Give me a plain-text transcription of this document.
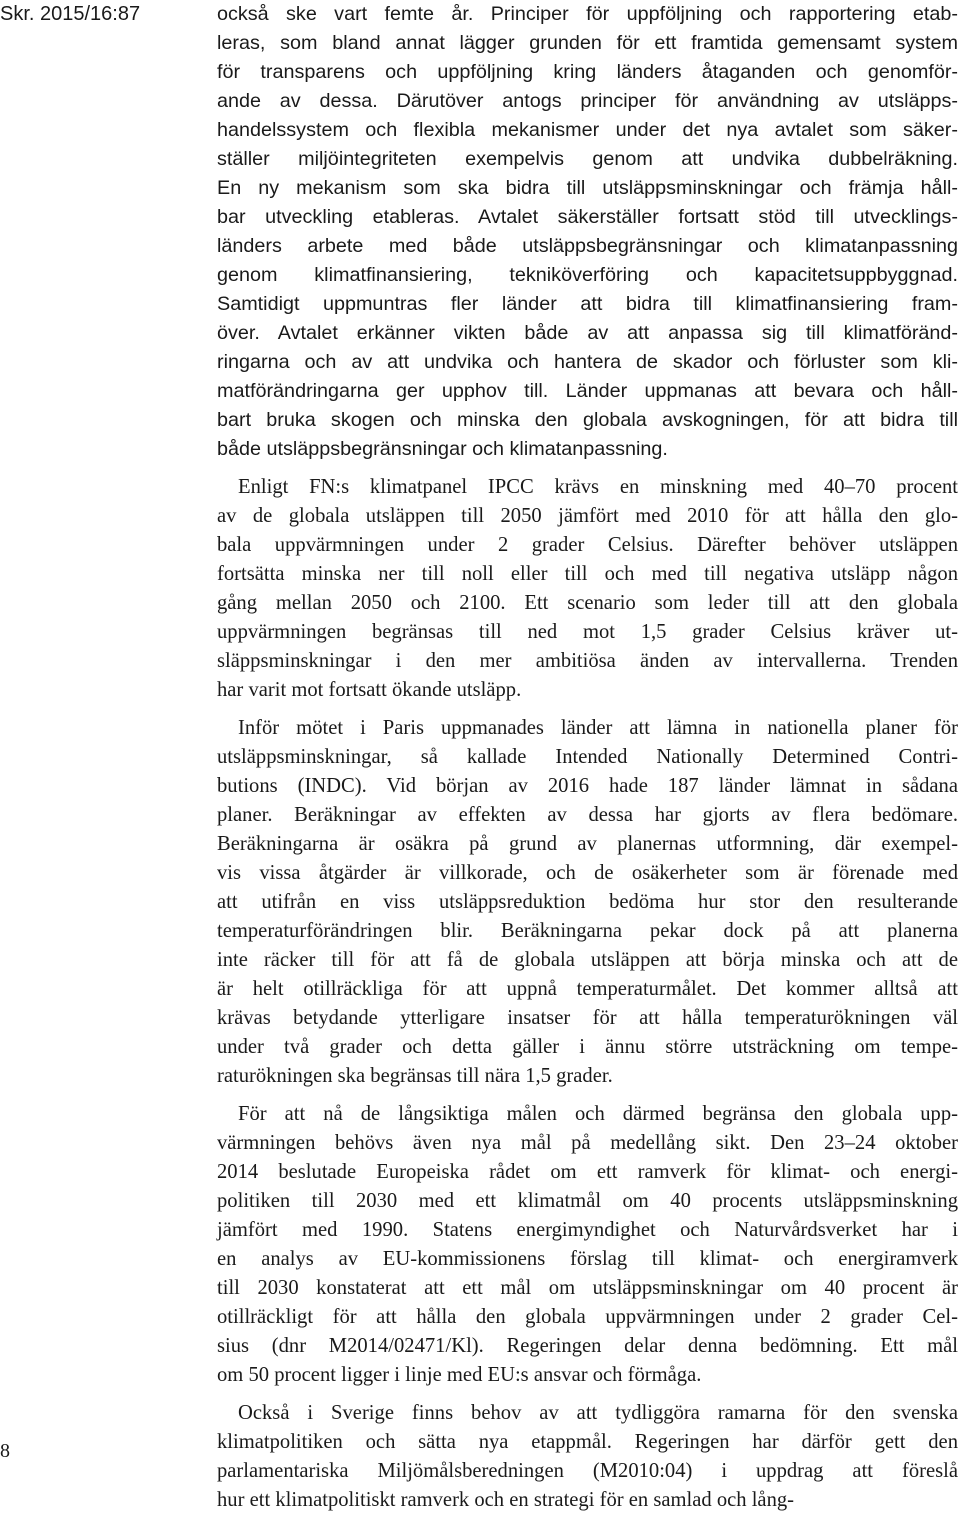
Skr. 2015/16:87
8
också ske vart femte år. Principer för uppföljning och rapportering etab-
leras, som bland annat lägger grunden för ett framtida gemensamt system
för transparens och uppföljning kring länders åtaganden och genomför-
ande av dessa. Därutöver antogs principer för användning av utsläpps-
handelssystem och flexibla mekanismer under det nya avtalet som säker-
ställer miljöintegriteten exempelvis genom att undvika dubbelräkning.
En ny mekanism som ska bidra till utsläppsminskningar och främja håll-
bar utveckling etableras. Avtalet säkerställer fortsatt stöd till utvecklings-
länders arbete med både utsläppsbegränsningar och klimatanpassning
genom klimatfinansiering, tekniköverföring och kapacitetsuppbyggnad.
Samtidigt uppmuntras fler länder att bidra till klimatfinansiering fram-
över. Avtalet erkänner vikten både av att anpassa sig till klimatföränd-
ringarna och av att undvika och hantera de skador och förluster som kli-
matförändringarna ger upphov till. Länder uppmanas att bevara och håll-
bart bruka skogen och minska den globala avskogningen, för att bidra till
både utsläppsbegränsningar och klimatanpassning.
Enligt FN:s klimatpanel IPCC krävs en minskning med 40–70 procent
av de globala utsläppen till 2050 jämfört med 2010 för att hålla den glo-
bala uppvärmningen under 2 grader Celsius. Därefter behöver utsläppen
fortsätta minska ner till noll eller till och med till negativa utsläpp någon
gång mellan 2050 och 2100. Ett scenario som leder till att den globala
uppvärmningen begränsas till ned mot 1,5 grader Celsius kräver ut-
släppsminskningar i den mer ambitiösa änden av intervallerna. Trenden
har varit mot fortsatt ökande utsläpp.
Inför mötet i Paris uppmanades länder att lämna in nationella planer för
utsläppsminskningar, så kallade Intended Nationally Determined Contri-
butions (INDC). Vid början av 2016 hade 187 länder lämnat in sådana
planer. Beräkningar av effekten av dessa har gjorts av flera bedömare.
Beräkningarna är osäkra på grund av planernas utformning, där exempel-
vis vissa åtgärder är villkorade, och de osäkerheter som är förenade med
att utifrån en viss utsläppsreduktion bedöma hur stor den resulterande
temperaturförändringen blir. Beräkningarna pekar dock på att planerna
inte räcker till för att få de globala utsläppen att börja minska och att de
är helt otillräckliga för att uppnå temperaturmålet. Det kommer alltså att
krävas betydande ytterligare insatser för att hålla temperaturökningen väl
under två grader och detta gäller i ännu större utsträckning om tempe-
raturökningen ska begränsas till nära 1,5 grader.
För att nå de långsiktiga målen och därmed begränsa den globala upp-
värmningen behövs även nya mål på medellång sikt. Den 23–24 oktober
2014 beslutade Europeiska rådet om ett ramverk för klimat- och energi-
politiken till 2030 med ett klimatmål om 40 procents utsläppsminskning
jämfört med 1990. Statens energimyndighet och Naturvårdsverket har i
en analys av EU-kommissionens förslag till klimat- och energiramverk
till 2030 konstaterat att ett mål om utsläppsminskningar om 40 procent är
otillräckligt för att hålla den globala uppvärmningen under 2 grader Cel-
sius (dnr M2014/02471/Kl). Regeringen delar denna bedömning. Ett mål
om 50 procent ligger i linje med EU:s ansvar och förmåga.
Också i Sverige finns behov av att tydliggöra ramarna för den svenska
klimatpolitiken och sätta nya etappmål. Regeringen har därför gett den
parlamentariska Miljömålsberedningen (M2010:04) i uppdrag att föreslå
hur ett klimatpolitiskt ramverk och en strategi för en samlad och lång-
